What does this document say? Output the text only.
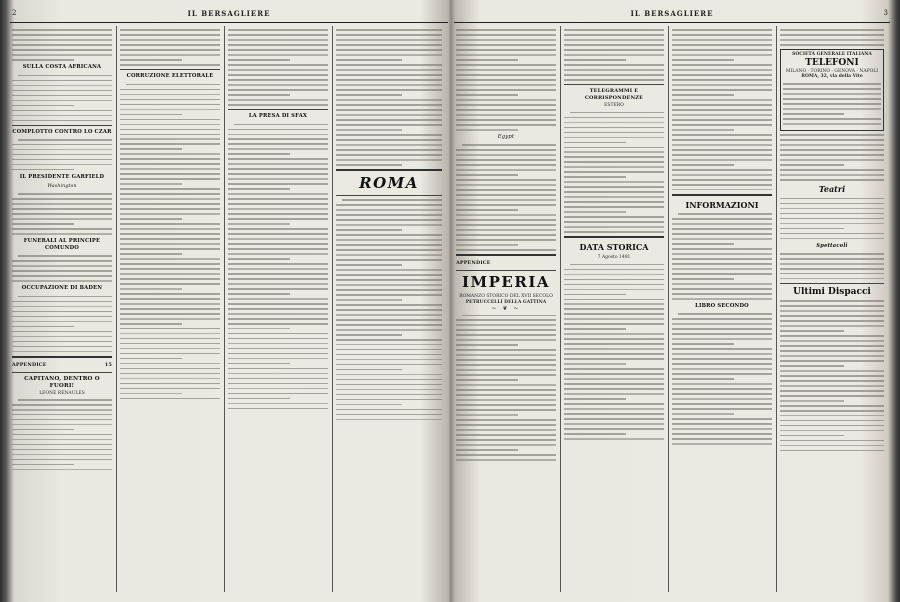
2	IL BERSAGLIERE
SULLA COSTA AFRICANA
COMPLOTTO CONTRO LO CZAR
IL PRESIDENTE GARFIELD
Washington
FUNERALI AL PRINCIPE COMUNDO
OCCUPAZIONE DI BADEN
APPENDICE	15
CAPITANO, DENTRO O FUORI!
LEONE RENAULES
CORRUZIONE ELETTORALE
LA PRESA DI SFAX
ROMA
IL BERSAGLIERE	3
Egypt
APPENDICE
IMPERIA
ROMANZO STORICO DEL XVII SECOLO
PETRUCCELLI DELLA GATTINA
~ ❦ ~
TELEGRAMMI E CORRISPONDENZE
ESTERO
DATA STORICA
7 Agosto 1481
INFORMAZIONI
LIBRO SECONDO
SOCIETÀ GENERALE ITALIANA
TELEFONI
MILANO - TORINO - GENOVA - NAPOLI
ROMA, 32, via della Vite
Teatri
Spettacoli
Ultimi Dispacci
